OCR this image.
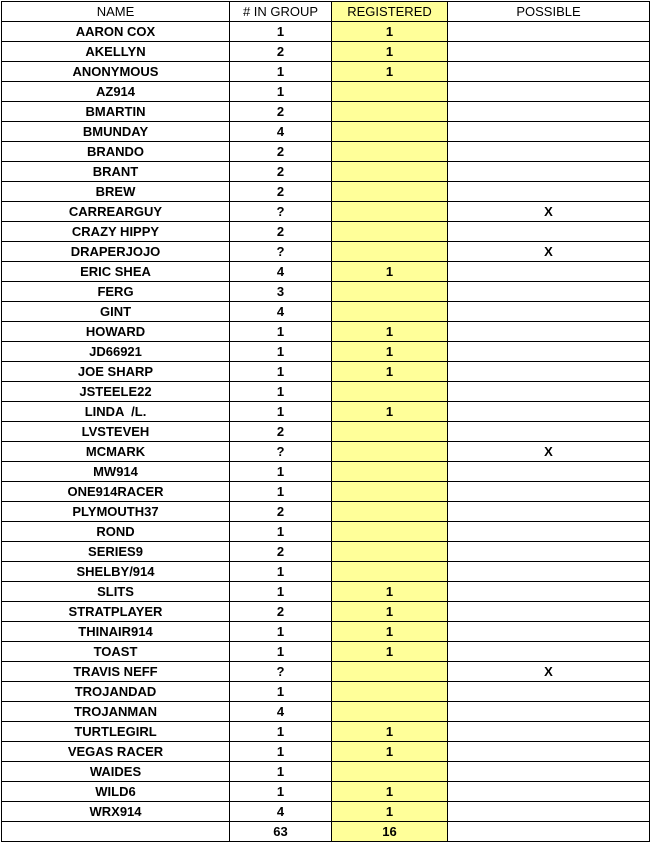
NAME	# IN GROUP	REGISTERED	POSSIBLE
AARON COX	1	1	
AKELLYN	2	1	
ANONYMOUS	1	1	
AZ914	1		
BMARTIN	2		
BMUNDAY	4		
BRANDO	2		
BRANT	2		
BREW	2		
CARREARGUY	?		X
CRAZY HIPPY	2		
DRAPERJOJO	?		X
ERIC SHEA	4	1	
FERG	3		
GINT	4		
HOWARD	1	1	
JD66921	1	1	
JOE SHARP	1	1	
JSTEELE22	1		
LINDA  /L.	1	1	
LVSTEVEH	2		
MCMARK	?		X
MW914	1		
ONE914RACER	1		
PLYMOUTH37	2		
ROND	1		
SERIES9	2		
SHELBY/914	1		
SLITS	1	1	
STRATPLAYER	2	1	
THINAIR914	1	1	
TOAST	1	1	
TRAVIS NEFF	?		X
TROJANDAD	1		
TROJANMAN	4		
TURTLEGIRL	1	1	
VEGAS RACER	1	1	
WAIDES	1		
WILD6	1	1	
WRX914	4	1	
	63	16	
